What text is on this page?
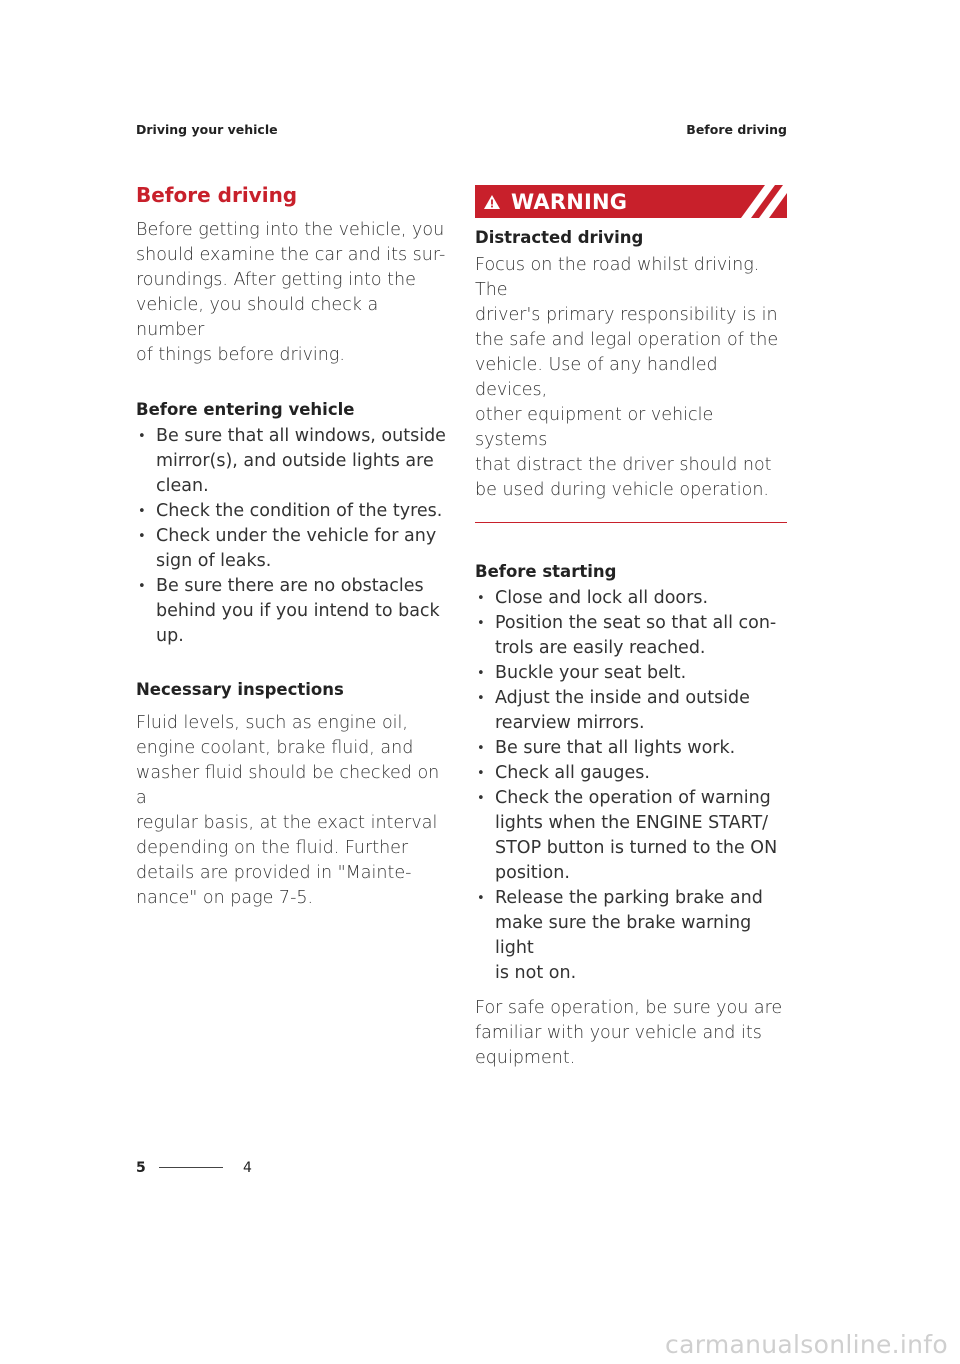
Driving your vehicle	Before driving
Before driving

Before getting into the vehicle, you
should examine the car and its sur-
roundings. After getting into the
vehicle, you should check a number
of things before driving.

Before entering vehicle
• Be sure that all windows, outside
mirror(s), and outside lights are
clean.
• Check the condition of the tyres.
• Check under the vehicle for any
sign of leaks.
• Be sure there are no obstacles
behind you if you intend to back
up.
Necessary inspections

Fluid levels, such as engine oil,
engine coolant, brake fluid, and
washer fluid should be checked on a
regular basis, at the exact interval
depending on the fluid. Further
details are provided in "Mainte-
nance" on page 7-5.

WARNING
Distracted driving

Focus on the road whilst driving. The
driver's primary responsibility is in
the safe and legal operation of the
vehicle. Use of any handled devices,
other equipment or vehicle systems
that distract the driver should not
be used during vehicle operation.

Before starting
• Close and lock all doors.
• Position the seat so that all con-
trols are easily reached.
• Buckle your seat belt.
• Adjust the inside and outside
rearview mirrors.
• Be sure that all lights work.
• Check all gauges.
• Check the operation of warning
lights when the ENGINE START/
STOP button is turned to the ON
position.
• Release the parking brake and
make sure the brake warning light
is not on.

For safe operation, be sure you are
familiar with your vehicle and its
equipment.

5	4
carmanualsonline.info
